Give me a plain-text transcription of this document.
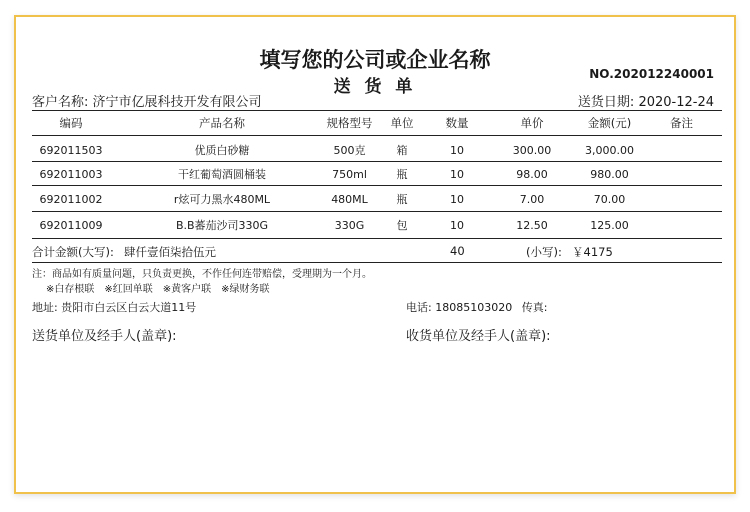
填写您的公司或企业名称
送 货 单
NO.202012240001
客户名称: 济宁市亿展科技开发有限公司	送货日期: 2020-12-24
编码	产品名称	规格型号	单位	数量	单价	金额(元)	备注
692011503	优质白砂糖	500克	箱	10	300.00	3,000.00
692011003	干红葡萄酒圆桶装	750ml	瓶	10	98.00	980.00
692011002	r炫可力黑水480ML	480ML	瓶	10	7.00	70.00
692011009	B.B蕃茄沙司330G	330G	包	10	12.50	125.00
合计金额(大写): 肆仟壹佰柒拾伍元	40	(小写): ￥4175
注：商品如有质量问题，只负责更换，不作任何连带赔偿，受理期为一个月。
※白存根联　※红回单联　※黄客户联　※绿财务联
地址: 贵阳市白云区白云大道11号	电话: 18085103020 传真:
送货单位及经手人(盖章):	收货单位及经手人(盖章):
